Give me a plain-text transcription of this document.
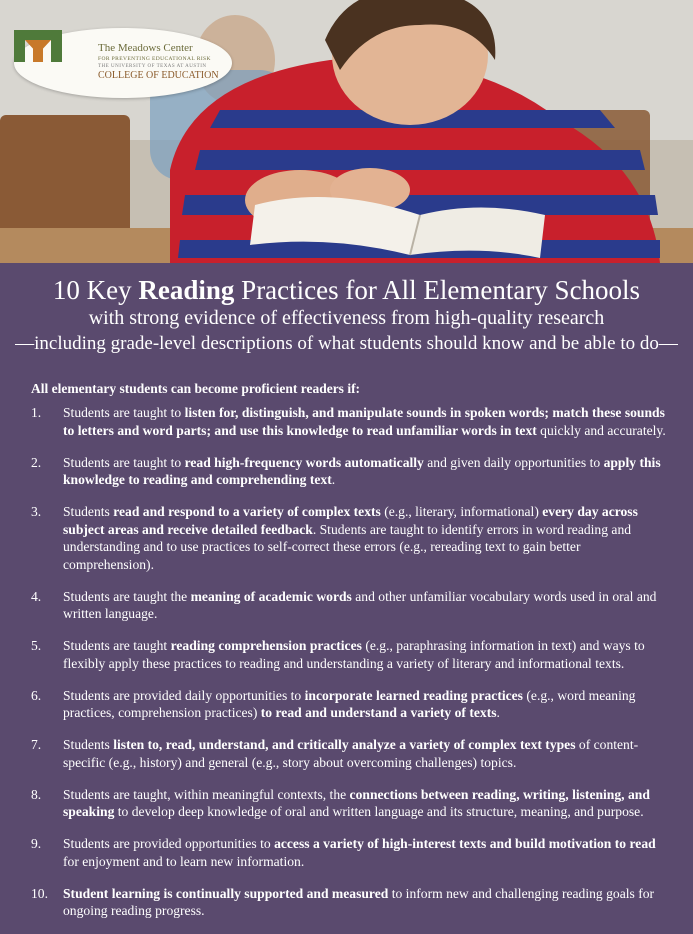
The Meadows Center
FOR PREVENTING EDUCATIONAL RISK
THE UNIVERSITY OF TEXAS AT AUSTIN
COLLEGE OF EDUCATION
10 Key Reading Practices for All Elementary Schools
with strong evidence of effectiveness from high-quality research
—including grade-level descriptions of what students should know and be able to do—
All elementary students can become proficient readers if:
1. Students are taught to listen for, distinguish, and manipulate sounds in spoken words; match these sounds to letters and word parts; and use this knowledge to read unfamiliar words in text quickly and accurately.
2. Students are taught to read high-frequency words automatically and given daily opportunities to apply this knowledge to reading and comprehending text.
3. Students read and respond to a variety of complex texts (e.g., literary, informational) every day across subject areas and receive detailed feedback. Students are taught to identify errors in word reading and understanding and to use practices to self-correct these errors (e.g., rereading text to gain better comprehension).
4. Students are taught the meaning of academic words and other unfamiliar vocabulary words used in oral and written language.
5. Students are taught reading comprehension practices (e.g., paraphrasing information in text) and ways to flexibly apply these practices to reading and understanding a variety of literary and informational texts.
6. Students are provided daily opportunities to incorporate learned reading practices (e.g., word meaning practices, comprehension practices) to read and understand a variety of texts.
7. Students listen to, read, understand, and critically analyze a variety of complex text types of content-specific (e.g., history) and general (e.g., story about overcoming challenges) topics.
8. Students are taught, within meaningful contexts, the connections between reading, writing, listening, and speaking to develop deep knowledge of oral and written language and its structure, meaning, and purpose.
9. Students are provided opportunities to access a variety of high-interest texts and build motivation to read for enjoyment and to learn new information.
10. Student learning is continually supported and measured to inform new and challenging reading goals for ongoing reading progress.
